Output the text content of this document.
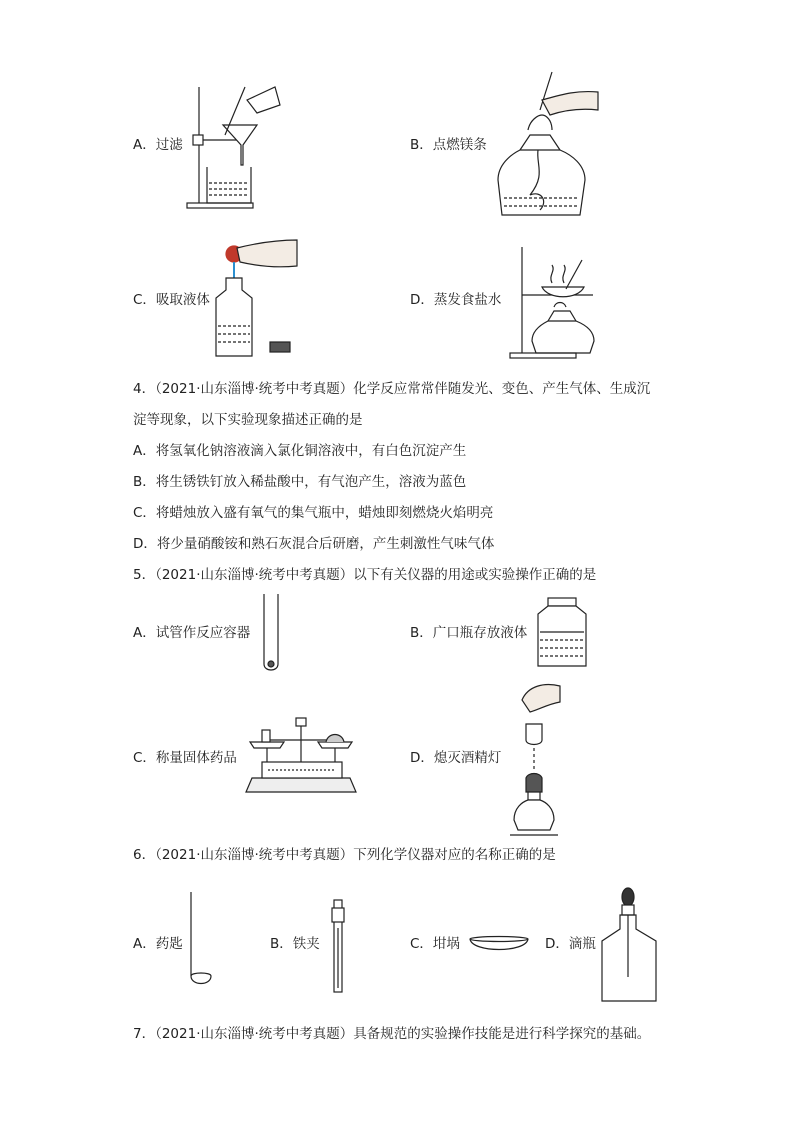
A．过滤	B．点燃镁条
C．吸取液体	D．蒸发食盐水
4．（2021·山东淄博·统考中考真题）化学反应常常伴随发光、变色、产生气体、生成沉
淀等现象，以下实验现象描述正确的是
A．将氢氧化钠溶液滴入氯化铜溶液中，有白色沉淀产生
B．将生锈铁钉放入稀盐酸中，有气泡产生，溶液为蓝色
C．将蜡烛放入盛有氧气的集气瓶中，蜡烛即刻燃烧火焰明亮
D．将少量硝酸铵和熟石灰混合后研磨，产生刺激性气味气体
5．（2021·山东淄博·统考中考真题）以下有关仪器的用途或实验操作正确的是
A．试管作反应容器	B．广口瓶存放液体
C．称量固体药品	D．熄灭酒精灯
6．（2021·山东淄博·统考中考真题）下列化学仪器对应的名称正确的是
A．药匙	B．铁夹	C．坩埚	D．滴瓶
7．（2021·山东淄博·统考中考真题）具备规范的实验操作技能是进行科学探究的基础。
